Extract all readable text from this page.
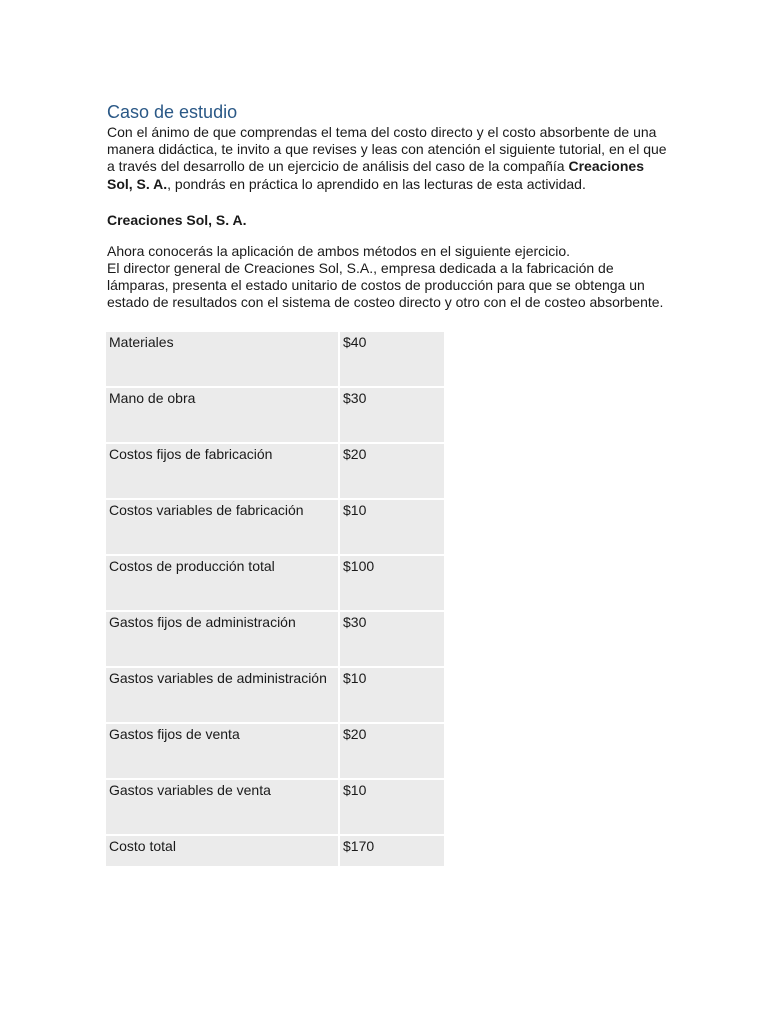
Caso de estudio

Con el ánimo de que comprendas el tema del costo directo y el costo absorbente de una manera didáctica, te invito a que revises y leas con atención el siguiente tutorial, en el que a través del desarrollo de un ejercicio de análisis del caso de la compañía Creaciones Sol, S. A., pondrás en práctica lo aprendido en las lecturas de esta actividad.

Creaciones Sol, S. A.

Ahora conocerás la aplicación de ambos métodos en el siguiente ejercicio.

El director general de Creaciones Sol, S.A., empresa dedicada a la fabricación de lámparas, presenta el estado unitario de costos de producción para que se obtenga un estado de resultados con el sistema de costeo directo y otro con el de costeo absorbente.

Materiales	$40
Mano de obra	$30
Costos fijos de fabricación	$20
Costos variables de fabricación	$10
Costos de producción total	$100
Gastos fijos de administración	$30
Gastos variables de administración	$10
Gastos fijos de venta	$20
Gastos variables de venta	$10
Costo total	$170
